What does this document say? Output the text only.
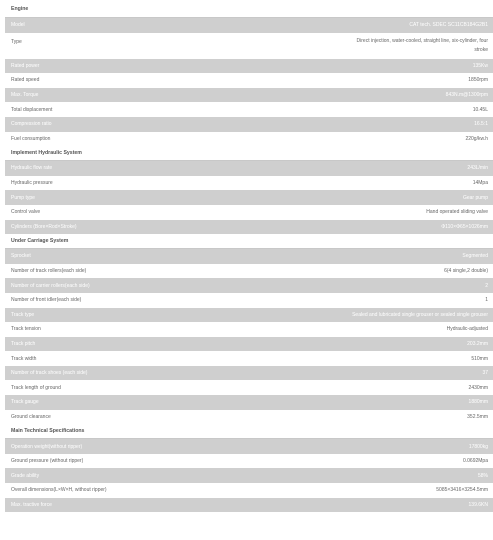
Engine
Model	CAT tech. SDEC SC11CB184G2B1
Type	Direct injection, water-cooled, straight line, six-cylinder, four stroke
Rated power	135Kw
Rated speed	1850rpm
Max. Torque	843N.m@1300rpm
Total displacement	10.45L
Compression ratio	16.5:1
Fuel consumption	220g/kw.h
Implement Hydraulic System
Hydraulic flow rate	243L/min
Hydraulic pressure	14Mpa
Pump type	Gear pump
Control valve	Hand operated sliding valve
Cylinders (Bore×Rod×Stroke)	Φ110×Φ65×1026mm
Under Carriage System
Sprocket	Segmented
Number of track rollers(each side)	6(4 single,2 double)
Number of carrier rollers(each side)	2
Number of front idler(each side)	1
Track type	Sealed and lubricated single grouser or sealed single grouser
Track tension	Hydraulic-adjusted
Track pitch	203.2mm
Track width	510mm
Number of track shoes (each side)	37
Track length of ground	2430mm
Track gauge	1880mm
Ground clearance	352.5mm
Main Technical Specifications
Operation weight(without ripper)	17800kg
Ground pressure (without ripper)	0.0692Mpa
Grade ability	58%
Overall dimensions(L×W×H, without ripper)	5085×3416×3254.5mm
Max. tractive force	139.6KN
